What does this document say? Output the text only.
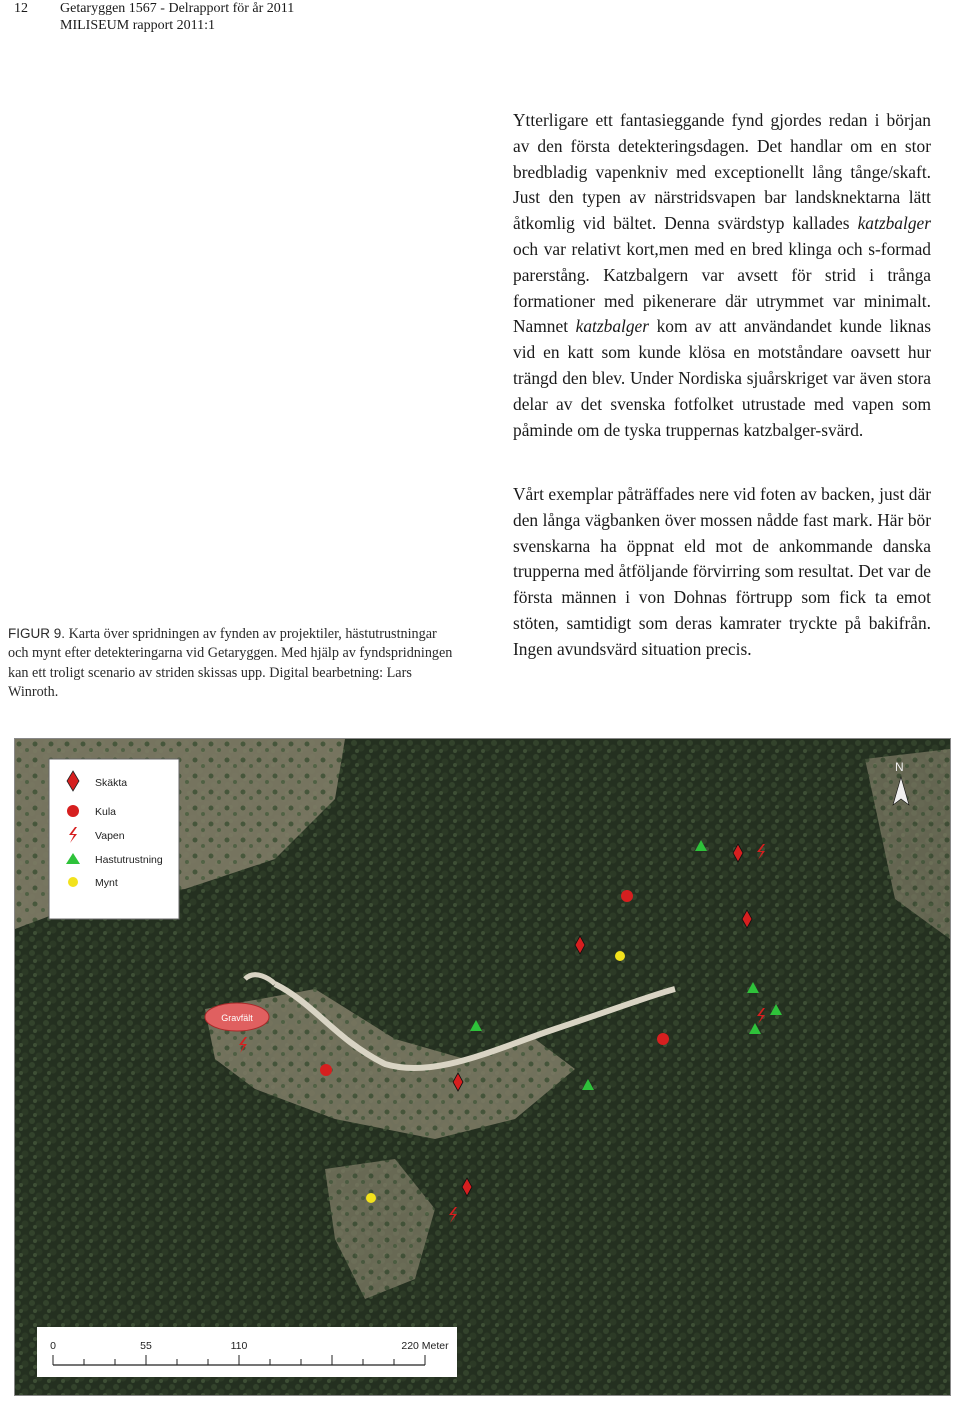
12 Getaryggen 1567 - Delrapport för år 2011
MILISEUM rapport 2011:1

Ytterligare ett fantasieggande fynd gjordes redan i början av den första detekteringsdagen. Det handlar om en stor bredbladig vapenkniv med exceptionellt lång tånge/skaft. Just den typen av närstridsvapen bar landsknektarna lätt åtkomlig vid bältet. Denna svärdstyp kallades katzbalger och var relativt kort,men med en bred klinga och s-formad parerstång. Katzbalgern var avsett för strid i trånga formationer med pikenerare där utrymmet var minimalt. Namnet katzbalger kom av att användandet kunde liknas vid en katt som kunde klösa en motståndare oavsett hur trängd den blev. Under Nordiska sjuårskriget var även stora delar av det svenska fotfolket utrustade med vapen som påminde om de tyska truppernas katzbalger-svärd.

Vårt exemplar påträffades nere vid foten av backen, just där den långa vägbanken över mossen nådde fast mark. Här bör svenskarna ha öppnat eld mot de ankommande danska trupperna med åtföljande förvirring som resultat. Det var de första männen i von Dohnas förtrupp som fick ta emot stöten, samtidigt som deras kamrater tryckte på bakifrån. Ingen avundsvärd situation precis.

FIGUR 9. Karta över spridningen av fynden av projektiler, hästutrustningar och mynt efter detekteringarna vid Getaryggen. Med hjälp av fyndspridningen kan ett troligt scenario av striden skissas upp. Digital bearbetning: Lars Winroth.
Skäkta
Kula
Vapen
Hastutrustning
Mynt
N
Gravfält
0	55	110	220 Meter
